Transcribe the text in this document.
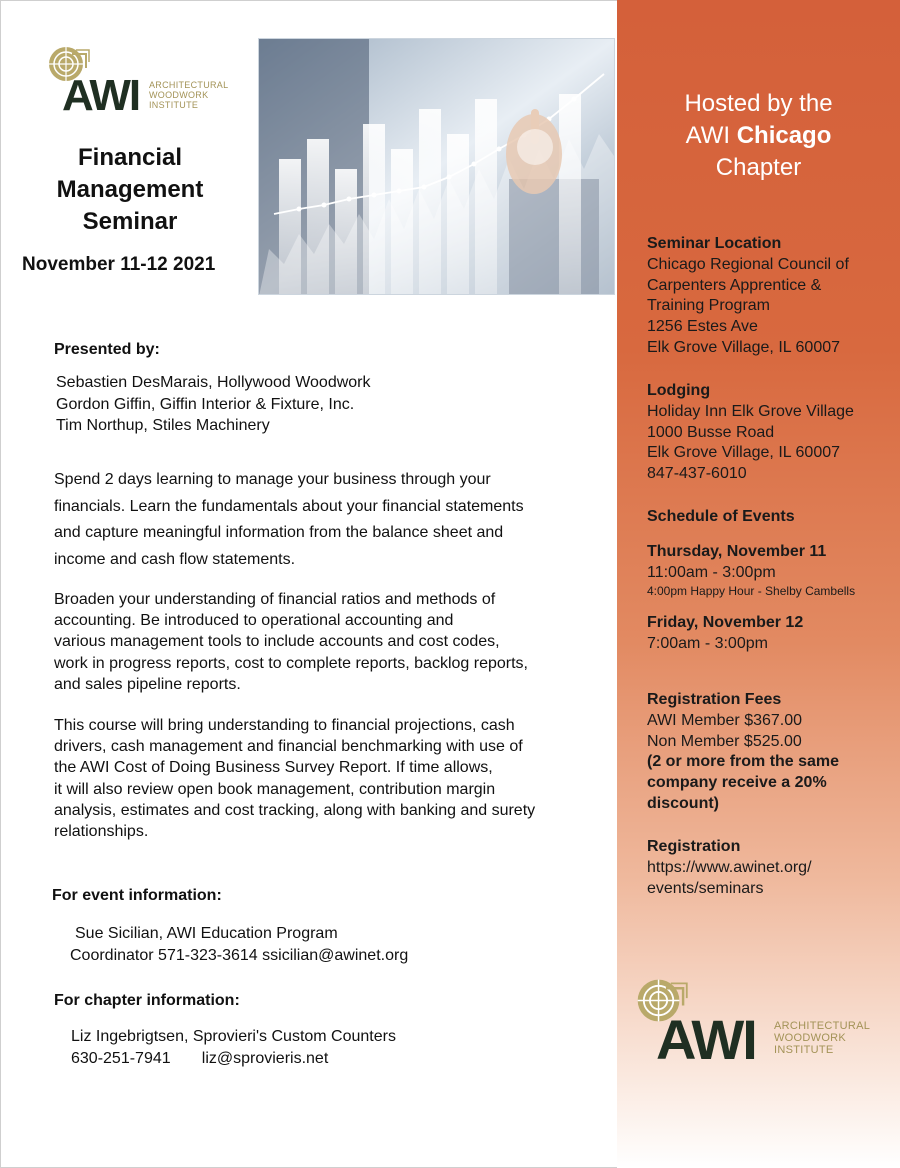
AWI ARCHITECTURAL
WOODWORK
INSTITUTE
Financial
Management
Seminar
November 11-12 2021
Presented by:
Sebastien DesMarais, Hollywood Woodwork
Gordon Giffin, Giffin Interior & Fixture, Inc.
Tim Northup, Stiles Machinery
Spend 2 days learning to manage your business through your
financials. Learn the fundamentals about your financial statements
and capture meaningful information from the balance sheet and
income and cash flow statements.
Broaden your understanding of financial ratios and methods of
accounting. Be introduced to operational accounting and
various management tools to include accounts and cost codes,
work in progress reports, cost to complete reports, backlog reports,
and sales pipeline reports.
This course will bring understanding to financial projections, cash
drivers, cash management and financial benchmarking with use of
the AWI Cost of Doing Business Survey Report. If time allows,
it will also review open book management, contribution margin
analysis, estimates and cost tracking, along with banking and surety
relationships.
For event information:
Sue Sicilian, AWI Education Program
Coordinator 571-323-3614 ssicilian@awinet.org
For chapter information:
Liz Ingebrigtsen, Sprovieri's Custom Counters
630-251-7941       liz@sprovieris.net
Hosted by the
AWI Chicago
Chapter
Seminar Location
Chicago Regional Council of
Carpenters Apprentice &
Training Program
1256 Estes Ave
Elk Grove Village, IL 60007
Lodging
Holiday Inn Elk Grove Village
1000 Busse Road
Elk Grove Village, IL 60007
847-437-6010
Schedule of Events
Thursday, November 11
11:00am - 3:00pm
4:00pm Happy Hour - Shelby Cambells
Friday, November 12
7:00am - 3:00pm
Registration Fees
AWI Member $367.00
Non Member $525.00
(2 or more from the same
company receive a 20%
discount)
Registration
https://www.awinet.org/
events/seminars
AWI ARCHITECTURAL
WOODWORK
INSTITUTE
